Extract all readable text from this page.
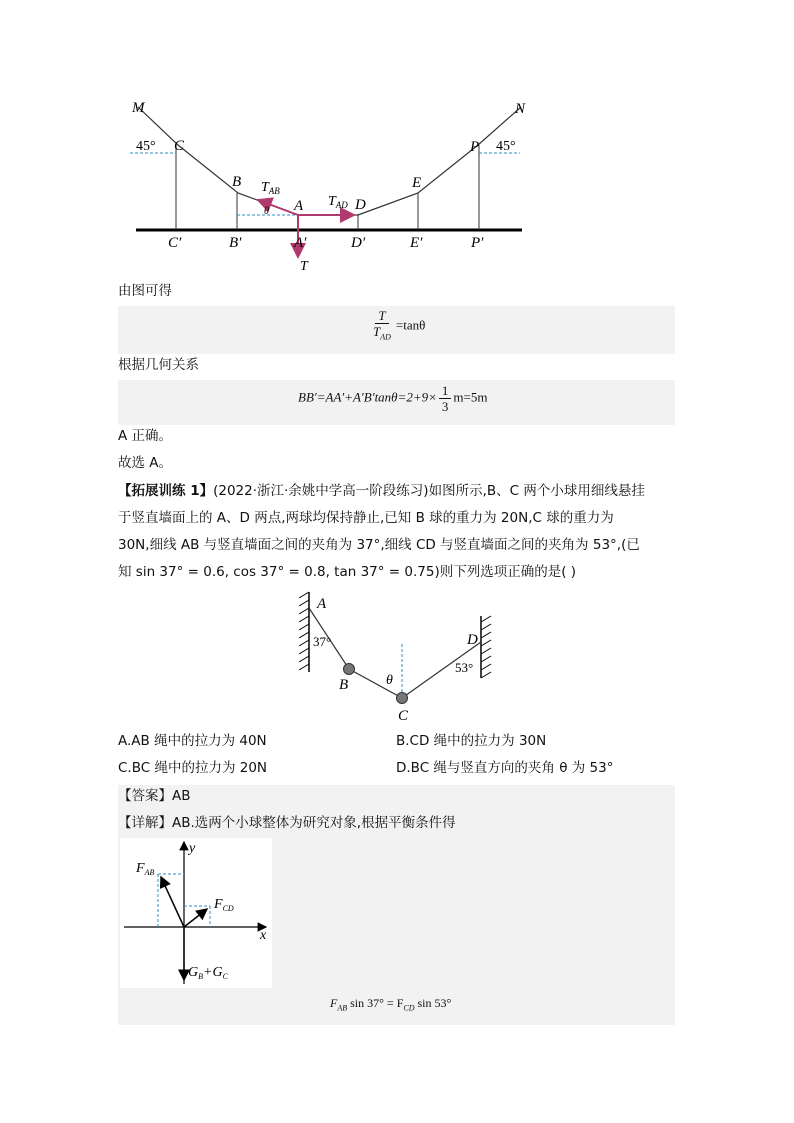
M	N
C
B
A	D
E
P
45°	45°
C′	B′	A′	D′	E′	P′
$T_{AB}$
$T_{AD}$
T
θ
由图可得
$\frac{T}{T_{AD}} =\tan\theta$
根据几何关系
$BB'=AA'+A'B'\tan\theta=2+9\times \frac{1}{3} m=5m$
A 正确。
故选 A。
【拓展训练 1】(2022·浙江·余姚中学高一阶段练习)如图所示,B、C 两个小球用细线悬挂
于竖直墙面上的 A、D 两点,两球均保持静止,已知 B 球的重力为 20N,C 球的重力为
30N,细线 AB 与竖直墙面之间的夹角为 37°,细线 CD 与竖直墙面之间的夹角为 53°,(已
知 sin 37° = 0.6, cos 37° = 0.8, tan 37° = 0.75)则下列选项正确的是( )
A
37°
B	θ
C
D
53°
A.AB 绳中的拉力为 40N	B.CD 绳中的拉力为 30N
C.BC 绳中的拉力为 20N	D.BC 绳与竖直方向的夹角 θ 为 53°
【答案】AB
【详解】AB.选两个小球整体为研究对象,根据平衡条件得
y
x
$F_{AB}$
$F_{CD}$
$G_B+G_C$
$F_{AB}$ $\sin 37^\circ = F_{CD}$ sin 53°
